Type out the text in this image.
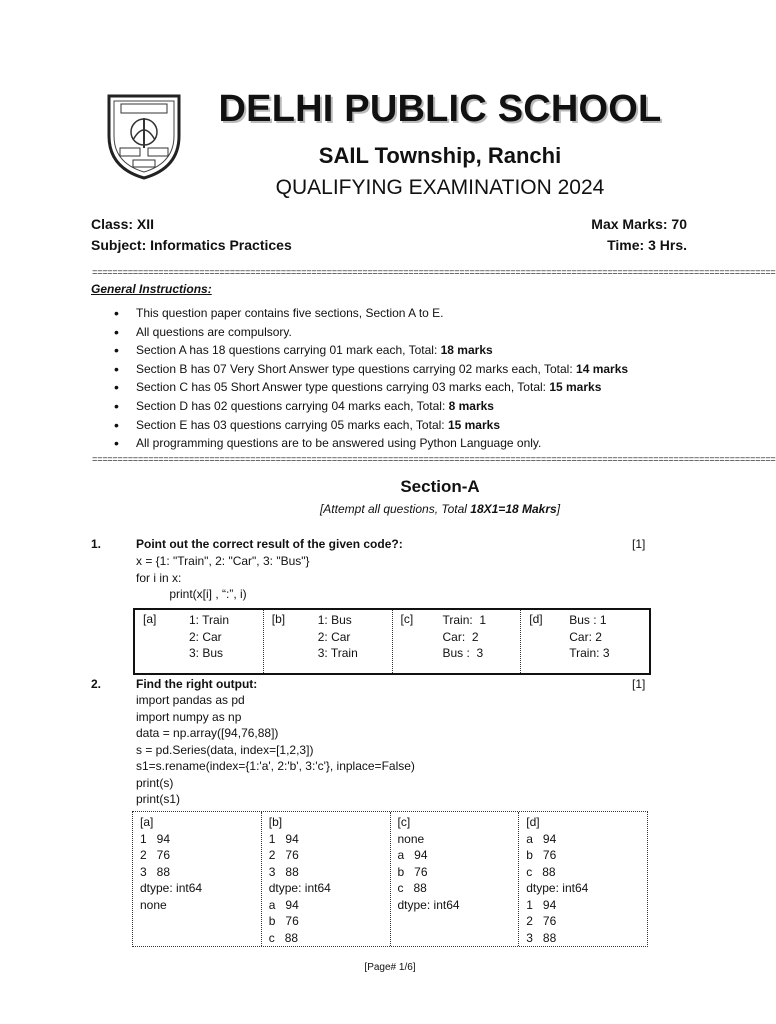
DELHI PUBLIC SCHOOL
SAIL Township, Ranchi
QUALIFYING EXAMINATION 2024
Class: XII	Max Marks: 70
Subject: Informatics Practices	Time: 3 Hrs.
======================================================================================================================================
General Instructions:
• This question paper contains five sections, Section A to E.
• All questions are compulsory.
• Section A has 18 questions carrying 01 mark each, Total: 18 marks
• Section B has 07 Very Short Answer type questions carrying 02 marks each, Total: 14 marks
• Section C has 05 Short Answer type questions carrying 03 marks each, Total: 15 marks
• Section D has 02 questions carrying 04 marks each, Total: 8 marks
• Section E has 03 questions carrying 05 marks each, Total: 15 marks
• All programming questions are to be answered using Python Language only.
======================================================================================================================================
Section-A
[Attempt all questions, Total 18X1=18 Makrs]
1.	Point out the correct result of the given code?:	[1]
x = {1: "Train", 2: "Car", 3: "Bus"}
for i in x:
print(x[i] , “:”, i)
[a]	1: Train
2: Car
3: Bus
[b]	1: Bus
2: Car
3: Train
[c] Train:  1
Car:  2
Bus :  3
[d] Bus : 1
Car: 2
Train: 3
2.	Find the right output:	[1]
import pandas as pd
import numpy as np
data = np.array([94,76,88])
s = pd.Series(data, index=[1,2,3])
s1=s.rename(index={1:'a', 2:'b', 3:'c'}, inplace=False)
print(s)
print(s1)
[a]
1   94
2   76
3   88
dtype: int64
none
[b]
1   94
2   76
3   88
dtype: int64
a   94
b   76
c   88
[c]
none
a   94
b   76
c   88
dtype: int64
[d]
a   94
b   76
c   88
dtype: int64
1   94
2   76
3   88
[Page# 1/6]
